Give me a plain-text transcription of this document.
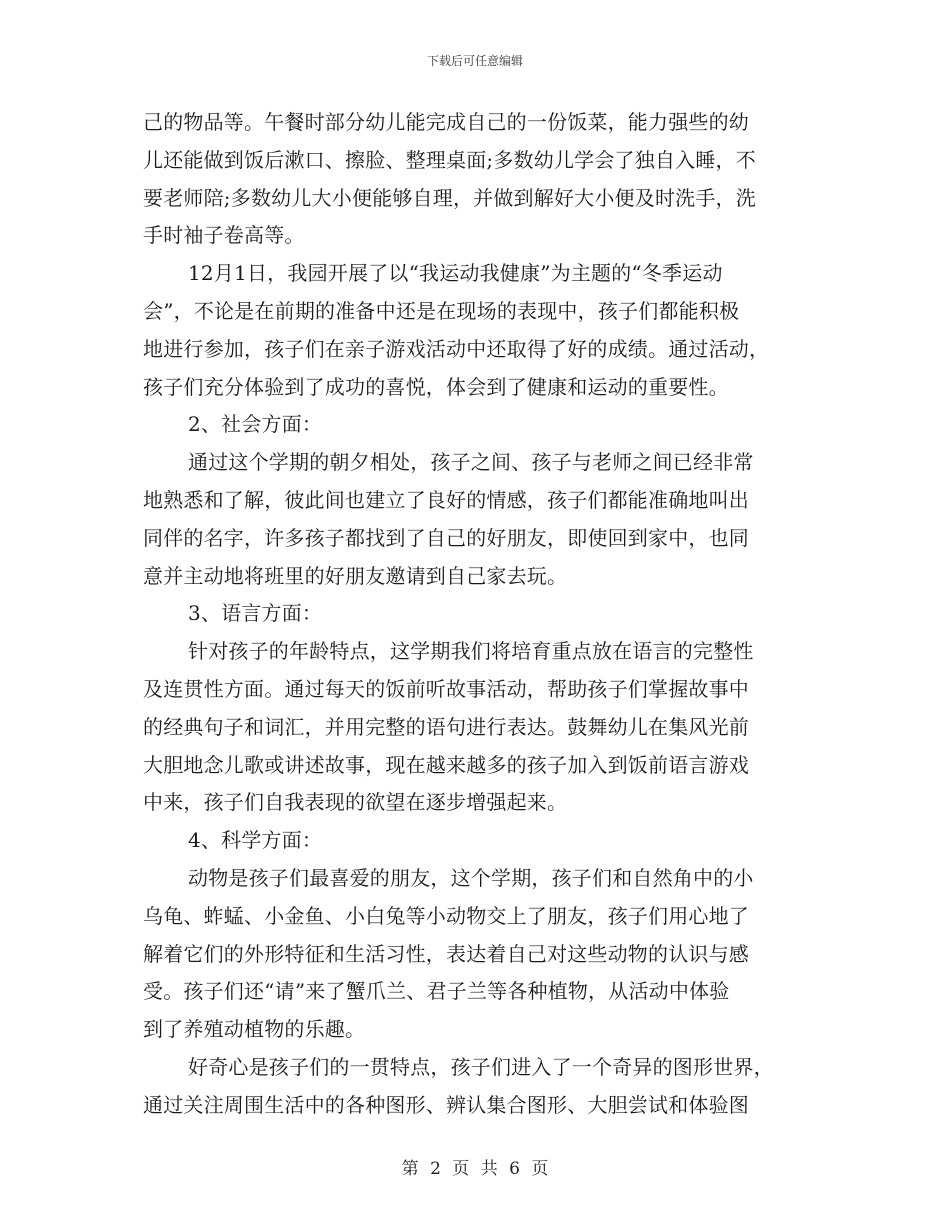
下载后可任意编辑
己的物品等。午餐时部分幼儿能完成自己的一份饭菜，能力强些的幼
儿还能做到饭后漱口、擦脸、整理桌面;多数幼儿学会了独自入睡，不
要老师陪;多数幼儿大小便能够自理，并做到解好大小便及时洗手，洗
手时袖子卷高等。
12月1日，我园开展了以“我运动我健康”为主题的“冬季运动
会”，不论是在前期的准备中还是在现场的表现中，孩子们都能积极
地进行参加，孩子们在亲子游戏活动中还取得了好的成绩。通过活动，
孩子们充分体验到了成功的喜悦，体会到了健康和运动的重要性。
2、社会方面：
通过这个学期的朝夕相处，孩子之间、孩子与老师之间已经非常
地熟悉和了解，彼此间也建立了良好的情感，孩子们都能准确地叫出
同伴的名字，许多孩子都找到了自己的好朋友，即使回到家中，也同
意并主动地将班里的好朋友邀请到自己家去玩。
3、语言方面：
针对孩子的年龄特点，这学期我们将培育重点放在语言的完整性
及连贯性方面。通过每天的饭前听故事活动，帮助孩子们掌握故事中
的经典句子和词汇，并用完整的语句进行表达。鼓舞幼儿在集风光前
大胆地念儿歌或讲述故事，现在越来越多的孩子加入到饭前语言游戏
中来，孩子们自我表现的欲望在逐步增强起来。
4、科学方面：
动物是孩子们最喜爱的朋友，这个学期，孩子们和自然角中的小
乌龟、蚱蜢、小金鱼、小白兔等小动物交上了朋友，孩子们用心地了
解着它们的外形特征和生活习性，表达着自己对这些动物的认识与感
受。孩子们还“请”来了蟹爪兰、君子兰等各种植物，从活动中体验
到了养殖动植物的乐趣。
好奇心是孩子们的一贯特点，孩子们进入了一个奇异的图形世界，
通过关注周围生活中的各种图形、辨认集合图形、大胆尝试和体验图
第 2 页 共 6 页
